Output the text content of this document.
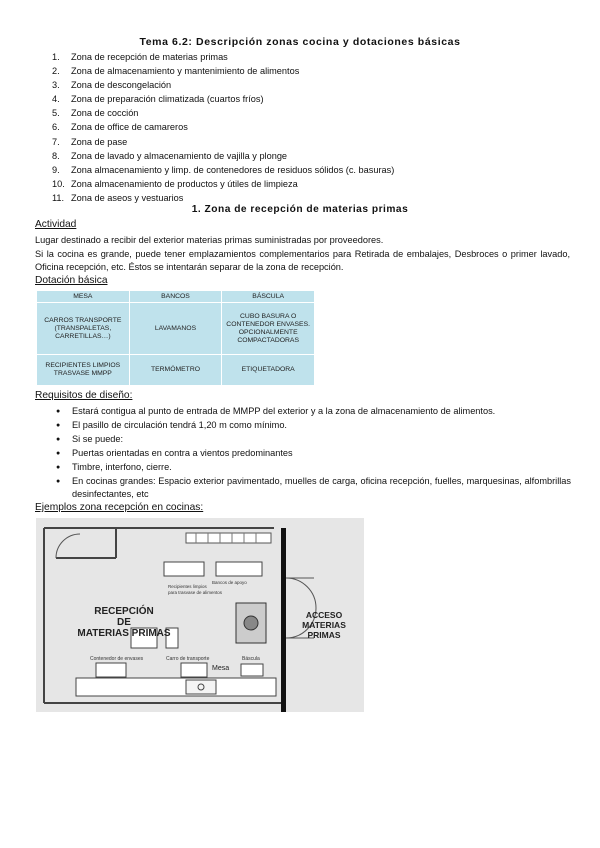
Tema 6.2: Descripción zonas cocina y dotaciones básicas
1.	Zona de recepción de materias primas
2.	Zona de almacenamiento y mantenimiento de alimentos
3.	Zona de descongelación
4.	Zona de preparación climatizada (cuartos fríos)
5.	Zona de cocción
6.	Zona de office de camareros
7.	Zona de pase
8.	Zona de lavado y almacenamiento de vajilla y plonge
9.	Zona almacenamiento y limp. de contenedores de residuos sólidos (c. basuras)
10. Zona almacenamiento de productos y útiles de limpieza
11. Zona de aseos y vestuarios
1. Zona de recepción de materias primas
Actividad
Lugar destinado a recibir del exterior materias primas suministradas por proveedores.
Si la cocina es grande, puede tener emplazamientos complementarios para Retirada de embalajes, Desbroces o primer lavado, Oficina recepción, etc. Éstos se intentarán separar de la zona de recepción.
Dotación básica
MESA	BANCOS	BÁSCULA
CARROS TRANSPORTE (TRANSPALETAS, CARRETILLAS…)	LAVAMANOS	CUBO BASURA O CONTENEDOR ENVASES. OPCIONALMENTE COMPACTADORAS
RECIPIENTES LIMPIOS TRASVASE MMPP	TERMÓMETRO	ETIQUETADORA
Requisitos de diseño:
● Estará contigua al punto de entrada de MMPP del exterior y a la zona de almacenamiento de alimentos.
● El pasillo de circulación tendrá 1,20 m como mínimo.
● Si se puede:
● Puertas orientadas en contra a vientos predominantes
● Timbre, interfono, cierre.
● En cocinas grandes: Espacio exterior pavimentado, muelles de carga, oficina recepción, fuelles, marquesinas, alfombrillas desinfectantes, etc
Ejemplos zona recepción en cocinas:
Recipientes limpios
para trasvase de alimentos
Bancos de apoyo
RECEPCIÓN
DE
MATERIAS PRIMAS
ACCESO
MATERIAS
PRIMAS
Contenedor de envases	Carro de transporte	Báscula
Mesa
